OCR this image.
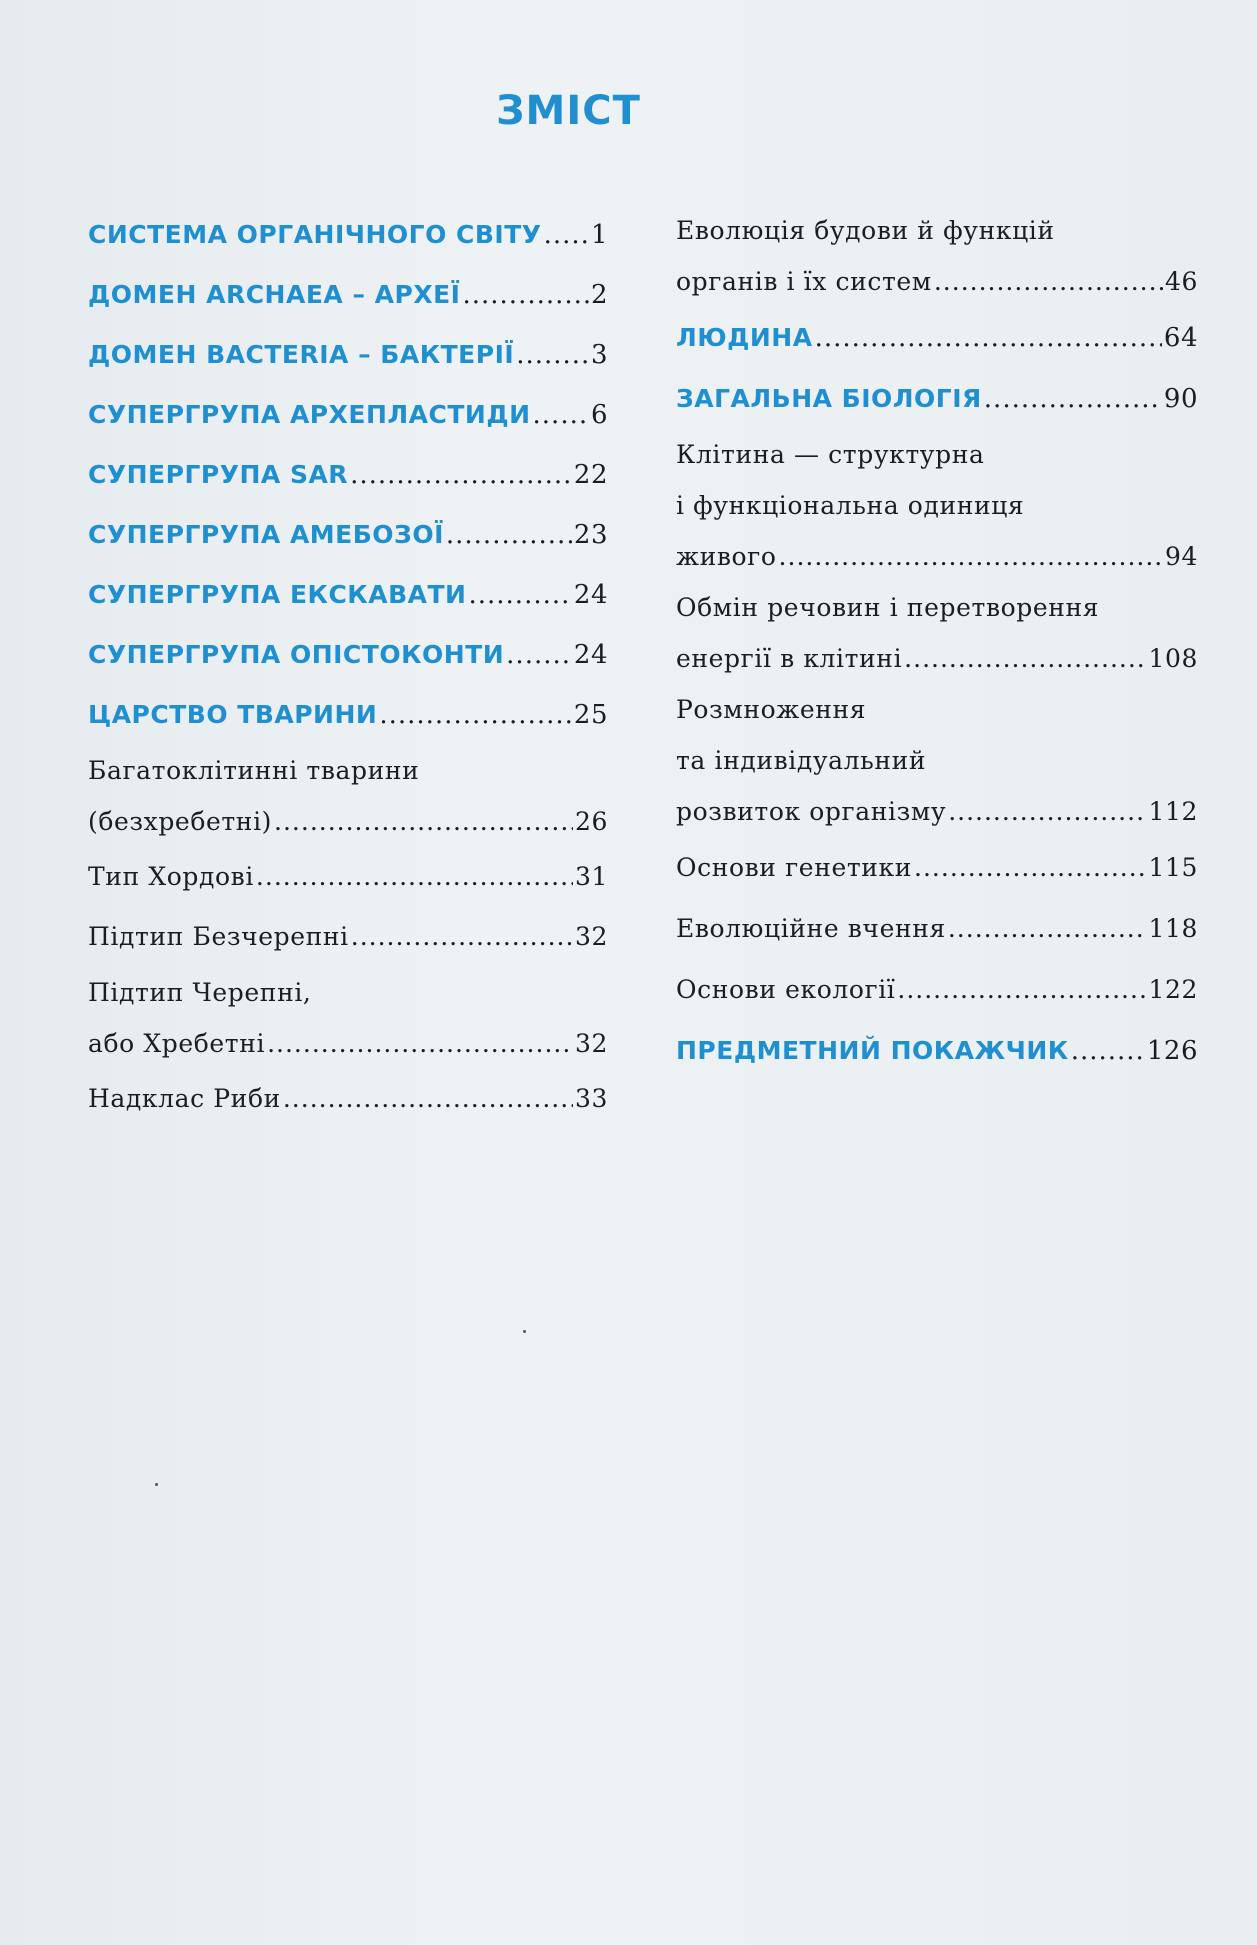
ЗМІСТ
СИСТЕМА ОРГАНІЧНОГО СВІТУ ..... 1
ДОМЕН ARCHAEA – АРХЕЇ .....	2
ДОМЕН BACTERIA – БАКТЕРІЇ .....	3
СУПЕРГРУПА АРХЕПЛАСТИДИ ..... 6
СУПЕРГРУПА SAR .....	22
СУПЕРГРУПА АМЕБОЗОЇ .....	23
СУПЕРГРУПА ЕКСКАВАТИ .....	24
СУПЕРГРУПА ОПІСТОКОНТИ .....	24
ЦАРСТВО ТВАРИНИ .....	25
Багатоклітинні тварини
(безхребетні) .....	26
Тип Хордові .....	31
Підтип Безчерепні .....	32
Підтип Черепні,
або Хребетні .....	32
Надклас Риби .....	33
Еволюція будови й функцій
органів і їх систем .....	46
ЛЮДИНА .....	64
ЗАГАЛЬНА БІОЛОГІЯ .....	90
Клітина — структурна
і функціональна одиниця
живого .....	94
Обмін речовин і перетворення
енергії в клітині .....	108
Розмноження
та індивідуальний
розвиток організму .....	112
Основи генетики .....	115
Еволюційне вчення .....	118
Основи екології .....	122
ПРЕДМЕТНИЙ ПОКАЖЧИК .....	126
